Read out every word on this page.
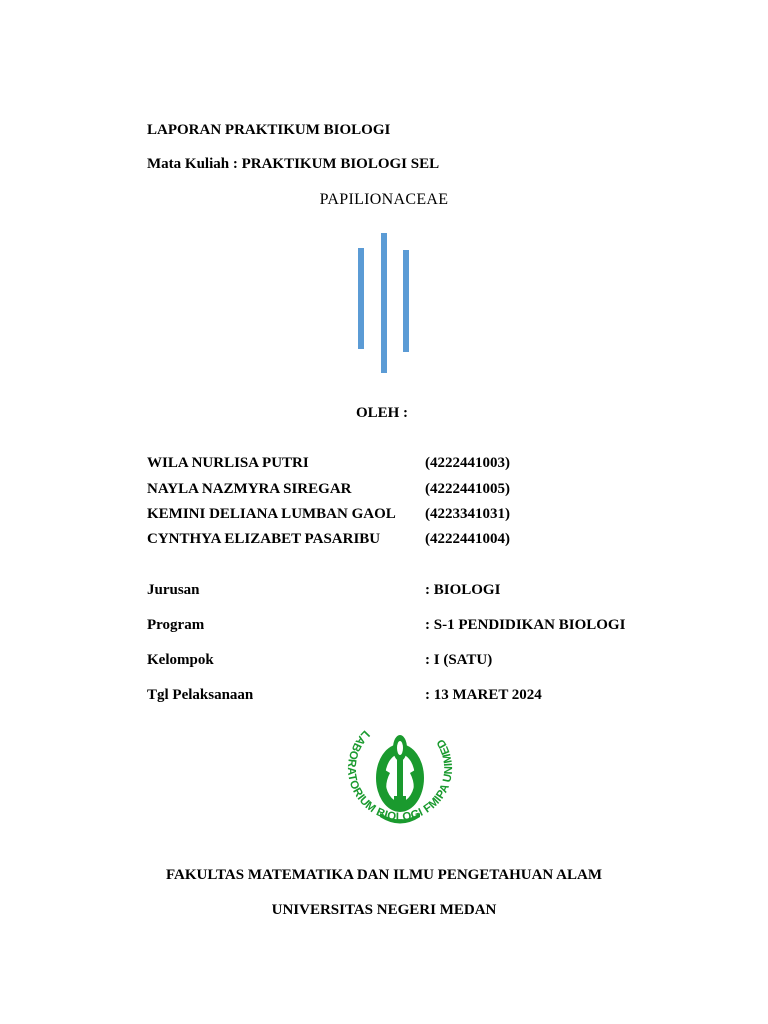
LAPORAN PRAKTIKUM BIOLOGI
Mata Kuliah : PRAKTIKUM BIOLOGI SEL
PAPILIONACEAE
OLEH :
WILA NURLISA PUTRI	(4222441003)
NAYLA NAZMYRA SIREGAR	(4222441005)
KEMINI DELIANA LUMBAN GAOL (4223341031)
CYNTHYA ELIZABET PASARIBU	(4222441004)
Jurusan	: BIOLOGI
Program	: S-1 PENDIDIKAN BIOLOGI
Kelompok	: I (SATU)
Tgl Pelaksanaan	: 13 MARET 2024
LABORATORIUM BIOLOGI FMIPA UNIMED
FAKULTAS MATEMATIKA DAN ILMU PENGETAHUAN ALAM
UNIVERSITAS NEGERI MEDAN
